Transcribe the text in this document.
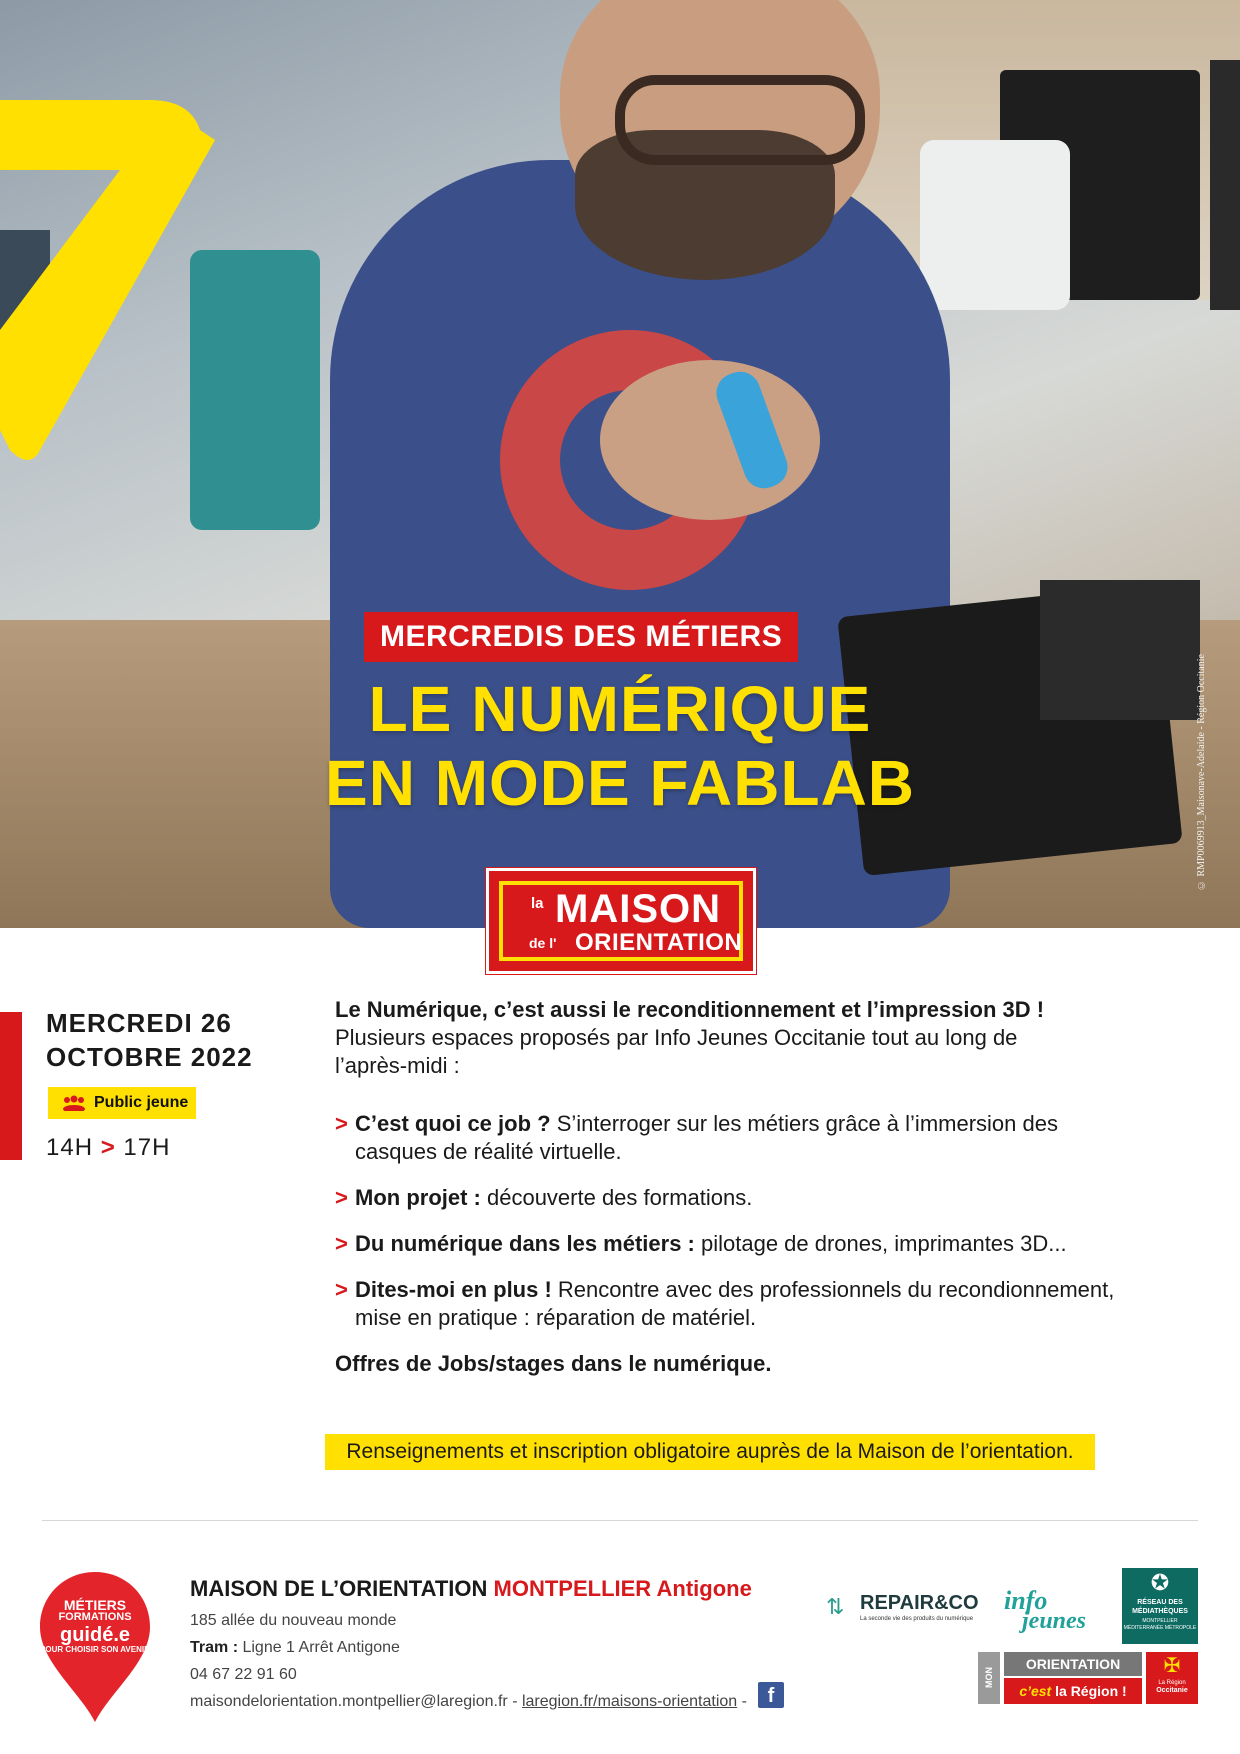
© RMP0069913_Maisonave-Adelaide - Région Occitanie
MERCREDIS DES MÉTIERS
LE NUMÉRIQUE
EN MODE FABLAB
la MAISON
de l' ORIENTATION
MERCREDI 26
OCTOBRE 2022
Public jeune
14H > 17H
Le Numérique, c’est aussi le reconditionnement et l’impression 3D !
Plusieurs espaces proposés par Info Jeunes Occitanie tout au long de l’après-midi :
> C’est quoi ce job ? S’interroger sur les métiers grâce à l’immersion des casques de réalité virtuelle.
> Mon projet : découverte des formations.
> Du numérique dans les métiers : pilotage de drones, imprimantes 3D...
> Dites-moi en plus ! Rencontre avec des professionnels du recondionnement, mise en pratique : réparation de matériel.
Offres de Jobs/stages dans le numérique.
Renseignements et inscription obligatoire auprès de la Maison de l’orientation.
MÉTIERS
FORMATIONS
guidé.e
POUR CHOISIR SON AVENIR
MAISON DE L’ORIENTATION MONTPELLIER Antigone
185 allée du nouveau monde
Tram : Ligne 1 Arrêt Antigone
04 67 22 91 60
maisondelorientation.montpellier@laregion.fr - laregion.fr/maisons-orientation -	f
⇅ REPAIR&CO
La seconde vie des produits du numérique
info
jeunes
✪
RÉSEAU DES MÉDIATHÈQUES
MONTPELLIER MÉDITERRANÉE MÉTROPOLE
MON
ORIENTATION
c’est la Région !
✠
La Région
Occitanie
